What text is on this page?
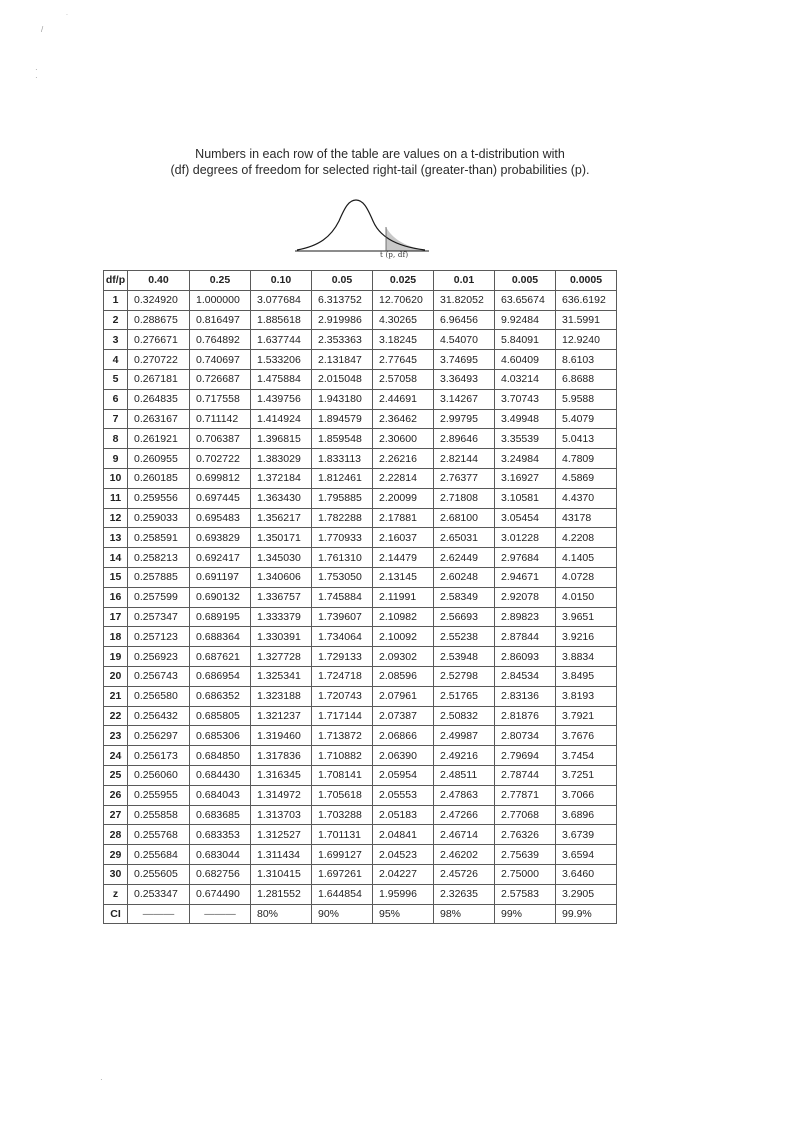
˙
/
·
·
·

Numbers in each row of the table are values on a t-distribution with

(df) degrees of freedom for selected right-tail (greater-than) probabilities (p).

t (p, df)
df/p	0.40	0.25	0.10	0.05	0.025	0.01	0.005	0.0005
1	0.324920	1.000000	3.077684	6.313752	12.70620	31.82052	63.65674	636.6192
2	0.288675	0.816497	1.885618	2.919986	4.30265	6.96456	9.92484	31.5991
3	0.276671	0.764892	1.637744	2.353363	3.18245	4.54070	5.84091	12.9240
4	0.270722	0.740697	1.533206	2.131847	2.77645	3.74695	4.60409	8.6103
5	0.267181	0.726687	1.475884	2.015048	2.57058	3.36493	4.03214	6.8688
6	0.264835	0.717558	1.439756	1.943180	2.44691	3.14267	3.70743	5.9588
7	0.263167	0.711142	1.414924	1.894579	2.36462	2.99795	3.49948	5.4079
8	0.261921	0.706387	1.396815	1.859548	2.30600	2.89646	3.35539	5.0413
9	0.260955	0.702722	1.383029	1.833113	2.26216	2.82144	3.24984	4.7809
10	0.260185	0.699812	1.372184	1.812461	2.22814	2.76377	3.16927	4.5869
11	0.259556	0.697445	1.363430	1.795885	2.20099	2.71808	3.10581	4.4370
12	0.259033	0.695483	1.356217	1.782288	2.17881	2.68100	3.05454	43178
13	0.258591	0.693829	1.350171	1.770933	2.16037	2.65031	3.01228	4.2208
14	0.258213	0.692417	1.345030	1.761310	2.14479	2.62449	2.97684	4.1405
15	0.257885	0.691197	1.340606	1.753050	2.13145	2.60248	2.94671	4.0728
16	0.257599	0.690132	1.336757	1.745884	2.11991	2.58349	2.92078	4.0150
17	0.257347	0.689195	1.333379	1.739607	2.10982	2.56693	2.89823	3.9651
18	0.257123	0.688364	1.330391	1.734064	2.10092	2.55238	2.87844	3.9216
19	0.256923	0.687621	1.327728	1.729133	2.09302	2.53948	2.86093	3.8834
20	0.256743	0.686954	1.325341	1.724718	2.08596	2.52798	2.84534	3.8495
21	0.256580	0.686352	1.323188	1.720743	2.07961	2.51765	2.83136	3.8193
22	0.256432	0.685805	1.321237	1.717144	2.07387	2.50832	2.81876	3.7921
23	0.256297	0.685306	1.319460	1.713872	2.06866	2.49987	2.80734	3.7676
24	0.256173	0.684850	1.317836	1.710882	2.06390	2.49216	2.79694	3.7454
25	0.256060	0.684430	1.316345	1.708141	2.05954	2.48511	2.78744	3.7251
26	0.255955	0.684043	1.314972	1.705618	2.05553	2.47863	2.77871	3.7066
27	0.255858	0.683685	1.313703	1.703288	2.05183	2.47266	2.77068	3.6896
28	0.255768	0.683353	1.312527	1.701131	2.04841	2.46714	2.76326	3.6739
29	0.255684	0.683044	1.311434	1.699127	2.04523	2.46202	2.75639	3.6594
30	0.255605	0.682756	1.310415	1.697261	2.04227	2.45726	2.75000	3.6460
z	0.253347	0.674490	1.281552	1.644854	1.95996	2.32635	2.57583	3.2905
CI	———	———	80%	90%	95%	98%	99%	99.9%
